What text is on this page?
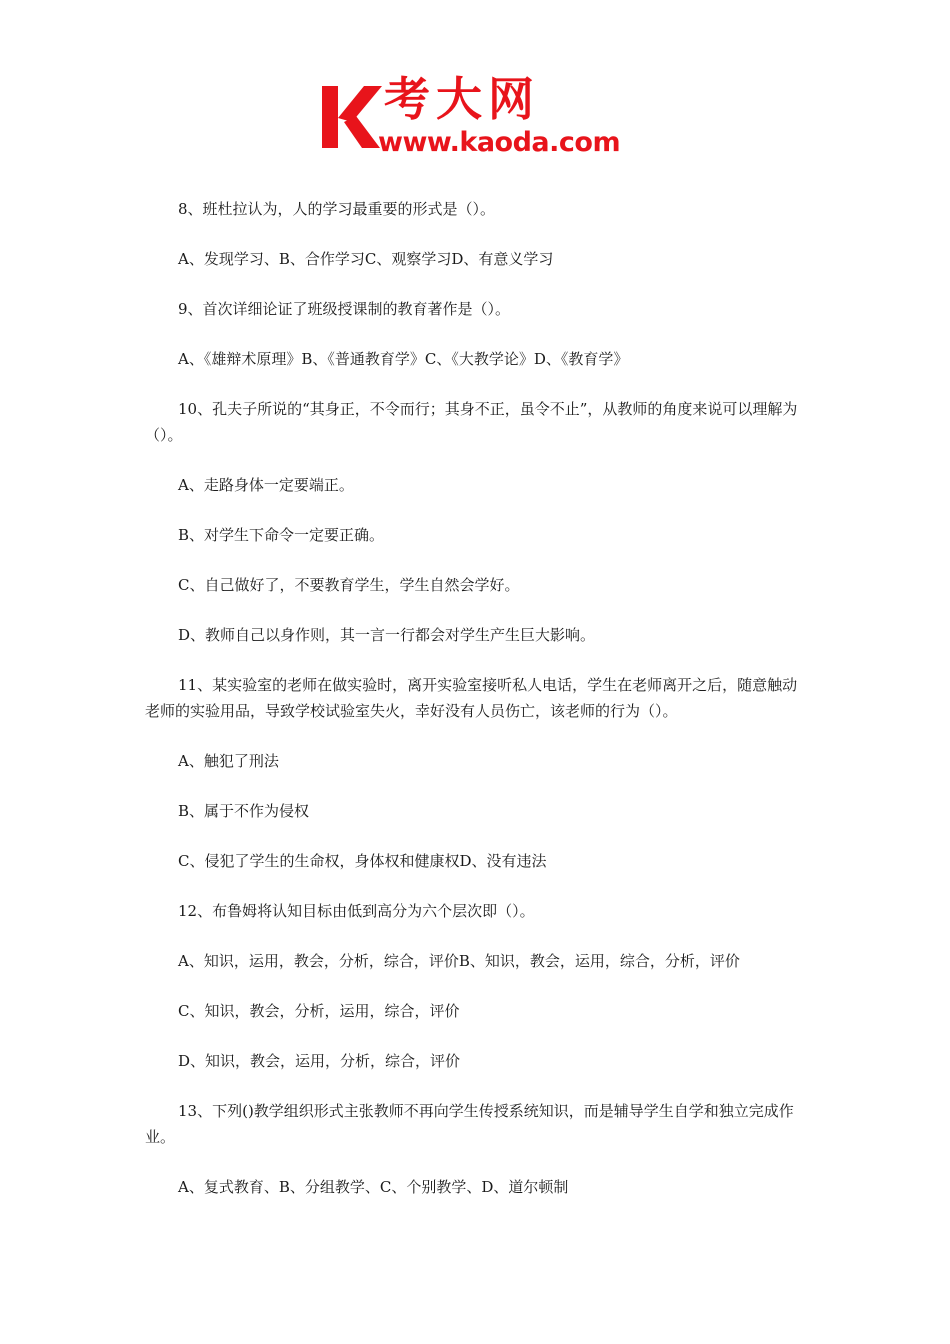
考大网
www.kaoda.com

8、班杜拉认为，人的学习最重要的形式是（）。

A、发现学习、B、合作学习C、观察学习D、有意义学习

9、首次详细论证了班级授课制的教育著作是（）。

A、《雄辩术原理》B、《普通教育学》C、《大教学论》D、《教育学》

10、孔夫子所说的“其身正，不令而行；其身不正，虽令不止”，从教师的角度来说可以理解为（）。

A、走路身体一定要端正。

B、对学生下命令一定要正确。

C、自己做好了，不要教育学生，学生自然会学好。

D、教师自己以身作则，其一言一行都会对学生产生巨大影响。

11、某实验室的老师在做实验时，离开实验室接听私人电话，学生在老师离开之后，随意触动老师的实验用品，导致学校试验室失火，幸好没有人员伤亡，该老师的行为（）。

A、触犯了刑法

B、属于不作为侵权

C、侵犯了学生的生命权，身体权和健康权D、没有违法

12、布鲁姆将认知目标由低到高分为六个层次即（）。

A、知识，运用，教会，分析，综合，评价B、知识，教会，运用，综合，分析，评价

C、知识，教会，分析，运用，综合，评价

D、知识，教会，运用，分析，综合，评价

13、下列()教学组织形式主张教师不再向学生传授系统知识，而是辅导学生自学和独立完成作业。

A、复式教育、B、分组教学、C、个别教学、D、道尔顿制
